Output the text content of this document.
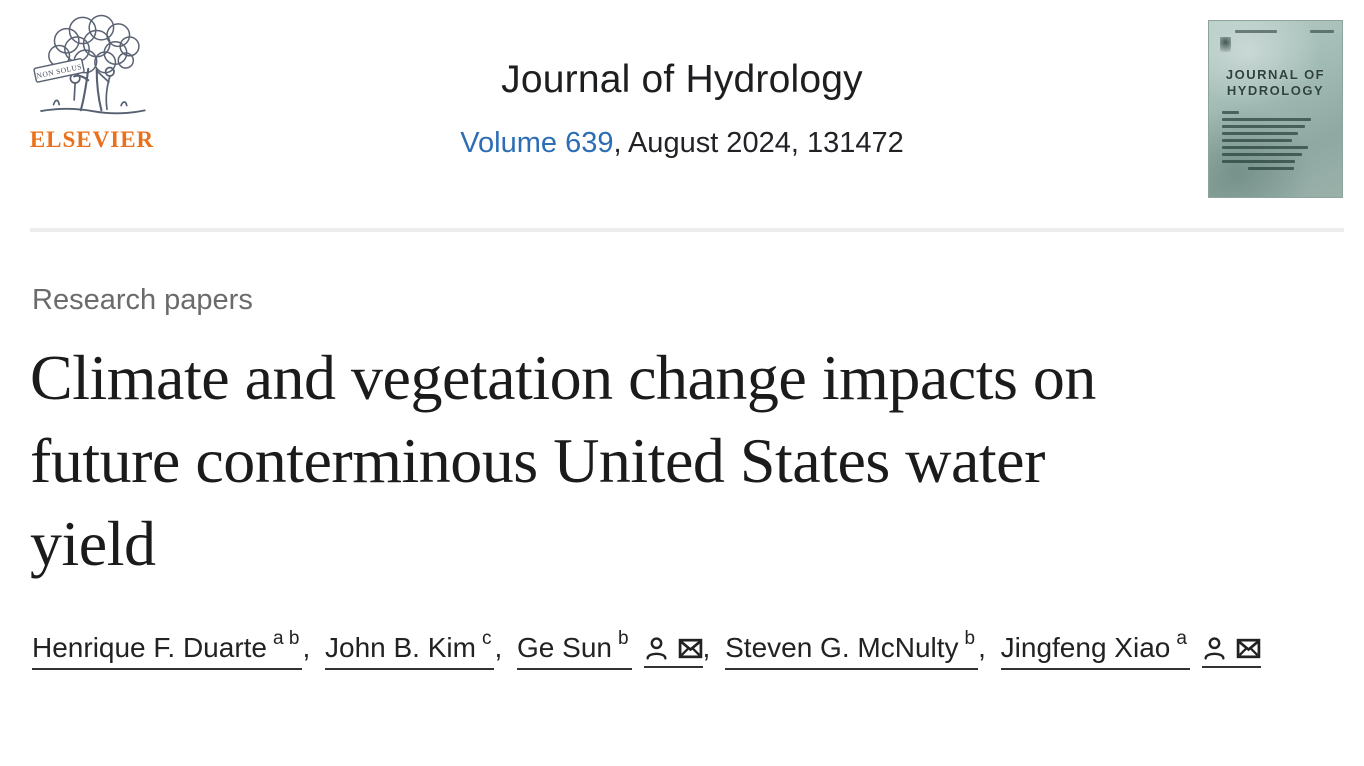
NON SOLUS
ELSEVIER
Journal of Hydrology
Volume 639, August 2024, 131472
JOURNAL OF
HYDROLOGY
Research papers
Climate and vegetation change impacts on
future conterminous United States water
yield
Henrique F. Duarte $^{a b}$ , John B. Kim $^c$ , Ge Sun $^b$	, Steven G. McNulty $^b$ , Jingfeng Xiao $^a$
